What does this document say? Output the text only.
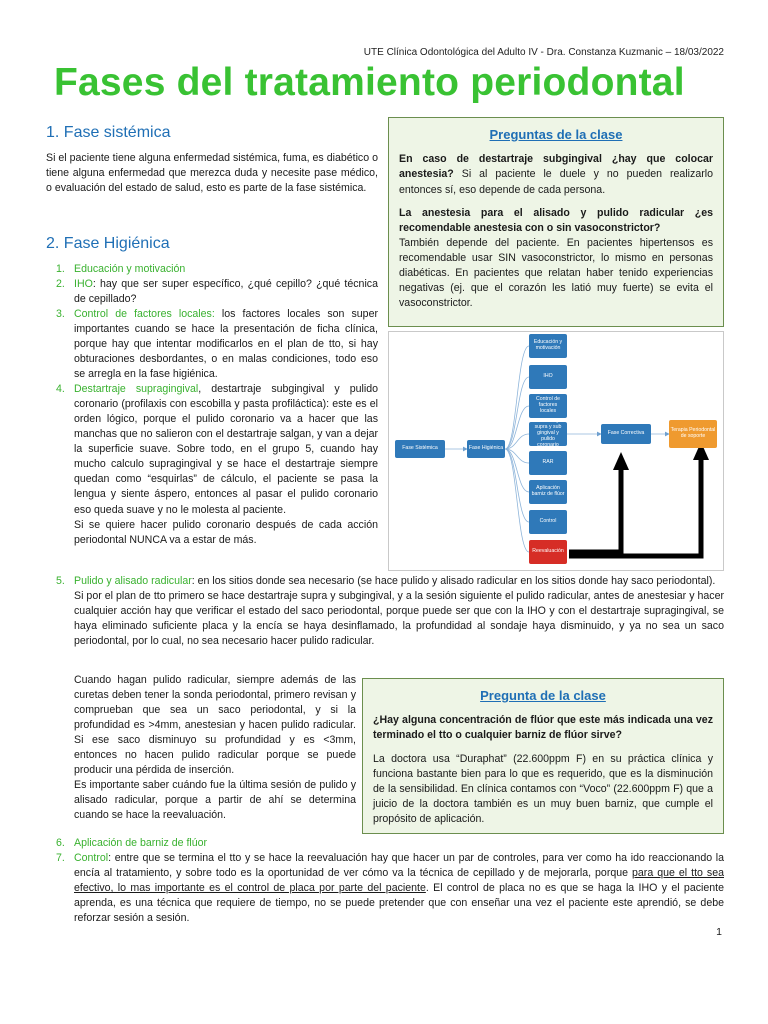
UTE Clínica Odontológica del Adulto IV - Dra. Constanza Kuzmanic – 18/03/2022
Fases del tratamiento periodontal
1. Fase sistémica
Si el paciente tiene alguna enfermedad sistémica, fuma, es diabético o tiene alguna enfermedad que merezca duda y necesite pase médico, o evaluación del estado de salud, esto es parte de la fase sistémica.
2. Fase Higiénica
1. Educación y motivación
2. IHO: hay que ser super específico, ¿qué cepillo? ¿qué técnica de cepillado?
3. Control de factores locales: los factores locales son super importantes cuando se hace la presentación de ficha clínica, porque hay que intentar modificarlos en el plan de tto, si hay obturaciones desbordantes, o en malas condiciones, todo eso se arregla en la fase higiénica.
4. Destartraje supragingival, destartraje subgingival y pulido coronario (profilaxis con escobilla y pasta profiláctica): este es el orden lógico, porque el pulido coronario va a hacer que las manchas que no salieron con el destartraje salgan, y van a dejar la superficie suave. Sobre todo, en el grupo 5, cuando hay mucho calculo supragingival y se hace el destartraje siempre quedan como “esquirlas” de cálculo, el paciente se pasa la lengua y siente áspero, entonces al pasar el pulido coronario eso queda suave y no le molesta al paciente.
Si se quiere hacer pulido coronario después de cada acción periodontal NUNCA va a estar de más.
5. Pulido y alisado radicular: en los sitios donde sea necesario (se hace pulido y alisado radicular en los sitios donde hay saco periodontal).
Si por el plan de tto primero se hace destartraje supra y subgingival, y a la sesión siguiente el pulido radicular, antes de anestesiar y hacer cualquier acción hay que verificar el estado del saco periodontal, porque puede ser que con la IHO y con el destartraje supragingival, se haya eliminado suficiente placa y la encía se haya desinflamado, la profundidad al sondaje haya disminuido, y ya no sea un saco periodontal, por lo cual, no sea necesario hacer pulido radicular.
Cuando hagan pulido radicular, siempre además de las curetas deben tener la sonda periodontal, primero revisan y comprueban que sea un saco periodontal, y si la profundidad es >4mm, anestesian y hacen pulido radicular. Si ese saco disminuyo su profundidad y es <3mm, entonces no hacen pulido radicular porque se puede producir una pérdida de inserción.
Es importante saber cuándo fue la última sesión de pulido y alisado radicular, porque a partir de ahí se determina cuando se hace la reevaluación.
6. Aplicación de barniz de flúor
7. Control: entre que se termina el tto y se hace la reevaluación hay que hacer un par de controles, para ver como ha ido reaccionando la encía al tratamiento, y sobre todo es la oportunidad de ver cómo va la técnica de cepillado y de mejorarla, porque para que el tto sea efectivo, lo mas importante es el control de placa por parte del paciente. El control de placa no es que se haga la IHO y el paciente aprenda, es una técnica que requiere de tiempo, no se puede pretender que con enseñar una vez el paciente este aprendió, se debe reforzar sesión a sesión.
Preguntas de la clase
En caso de destartraje subgingival ¿hay que colocar anestesia? Si al paciente le duele y no pueden realizarlo entonces sí, eso depende de cada persona.
La anestesia para el alisado y pulido radicular ¿es recomendable anestesia con o sin vasoconstrictor?
También depende del paciente. En pacientes hipertensos es recomendable usar SIN vasoconstrictor, lo mismo en personas diabéticas. En pacientes que relatan haber tenido experiencias negativas (ej. que el corazón les latió muy fuerte) se evita el vasoconstrictor.
Fase Sistémica	Fase Higiénica
Educación y motivación
IHO
Control de factores locales
Destartraje supra y sub gingival y pulido coronario
RAR
Aplicación barniz de flúor
Control
Reevaluación
Fase Correctiva	Terapia Periodontal de soporte
Pregunta de la clase
¿Hay alguna concentración de flúor que este más indicada una vez terminado el tto o cualquier barniz de flúor sirve?
La doctora usa “Duraphat” (22.600ppm F) en su práctica clínica y funciona bastante bien para lo que es requerido, que es la disminución de la sensibilidad. En clínica contamos con “Voco” (22.600ppm F) que a juicio de la doctora también es un muy buen barniz, que cumple el propósito de aplicación.
1
